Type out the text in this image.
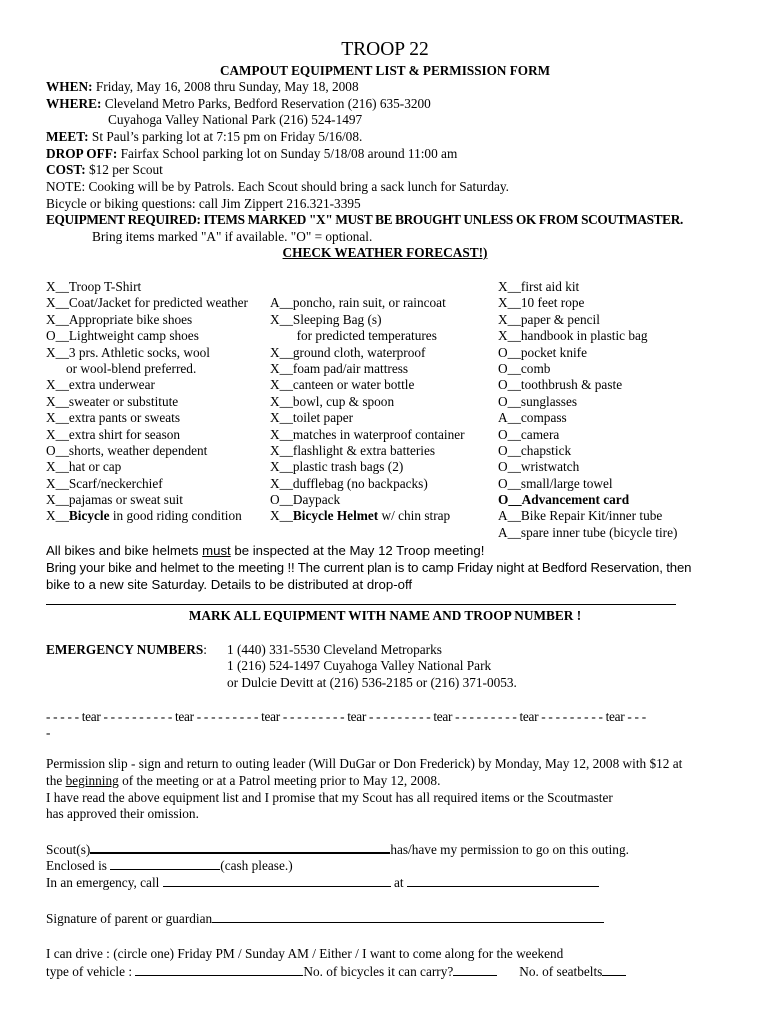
TROOP 22
CAMPOUT EQUIPMENT LIST & PERMISSION FORM
WHEN: Friday, May 16, 2008 thru Sunday, May 18, 2008
WHERE: Cleveland Metro Parks, Bedford Reservation (216) 635-3200
Cuyahoga Valley National Park (216) 524-1497
MEET: St Paul’s parking lot at 7:15 pm on Friday 5/16/08.
DROP OFF: Fairfax School parking lot on Sunday 5/18/08 around 11:00 am
COST: $12 per Scout
NOTE: Cooking will be by Patrols. Each Scout should bring a sack lunch for Saturday.
Bicycle or biking questions: call Jim Zippert 216.321-3395
EQUIPMENT REQUIRED: ITEMS MARKED "X" MUST BE BROUGHT UNLESS OK FROM SCOUTMASTER.
Bring items marked "A" if available. "O" = optional.
CHECK WEATHER FORECAST!)
X__Troop T-Shirt
X__Coat/Jacket for predicted weather
X__Appropriate bike shoes
O__Lightweight camp shoes
X__3 prs. Athletic socks, wool
or wool-blend preferred.
X__extra underwear
X__sweater or substitute
X__extra pants or sweats
X__extra shirt for season
O__shorts, weather dependent
X__hat or cap
X__Scarf/neckerchief
X__pajamas or sweat suit
X__Bicycle in good riding condition
A__poncho, rain suit, or raincoat
X__Sleeping Bag (s)
for predicted temperatures
X__ground cloth, waterproof
X__foam pad/air mattress
X__canteen or water bottle
X__bowl, cup & spoon
X__toilet paper
X__matches in waterproof container
X__flashlight & extra batteries
X__plastic trash bags (2)
X__dufflebag (no backpacks)
O__Daypack
X__Bicycle Helmet w/ chin strap
X__first aid kit
X__10 feet rope
X__paper & pencil
X__handbook in plastic bag
O__pocket knife
O__comb
O__toothbrush & paste
O__sunglasses
A__compass
O__camera
O__chapstick
O__wristwatch
O__small/large towel
O__Advancement card
A__Bike Repair Kit/inner tube
A__spare inner tube (bicycle tire)
All bikes and bike helmets must be inspected at the May 12 Troop meeting!
Bring your bike and helmet to the meeting !! The current plan is to camp Friday night at Bedford Reservation, then
bike to a new site Saturday. Details to be distributed at drop-off
MARK ALL EQUIPMENT WITH NAME AND TROOP NUMBER !
EMERGENCY NUMBERS: 1 (440) 331-5530 Cleveland Metroparks
1 (216) 524-1497 Cuyahoga Valley National Park
or Dulcie Devitt at (216) 536-2185 or (216) 371-0053.
- - - - - tear - - - - - - - - - - tear - - - - - - - - - tear - - - - - - - - - tear - - - - - - - - - tear - - - - - - - - - tear - - - - - - - - - tear - - -
-
Permission slip - sign and return to outing leader (Will DuGar or Don Frederick) by Monday, May 12, 2008 with $12 at
the beginning of the meeting or at a Patrol meeting prior to May 12, 2008.
I have read the above equipment list and I promise that my Scout has all required items or the Scoutmaster
has approved their omission.
Scout(s)	has/have my permission to go on this outing.
Enclosed is	(cash please.)
In an emergency, call	at
Signature of parent or guardian
I can drive : (circle one) Friday PM / Sunday AM / Either / I want to come along for the weekend
type of vehicle :	No. of bicycles it can carry?	No. of seatbelts
